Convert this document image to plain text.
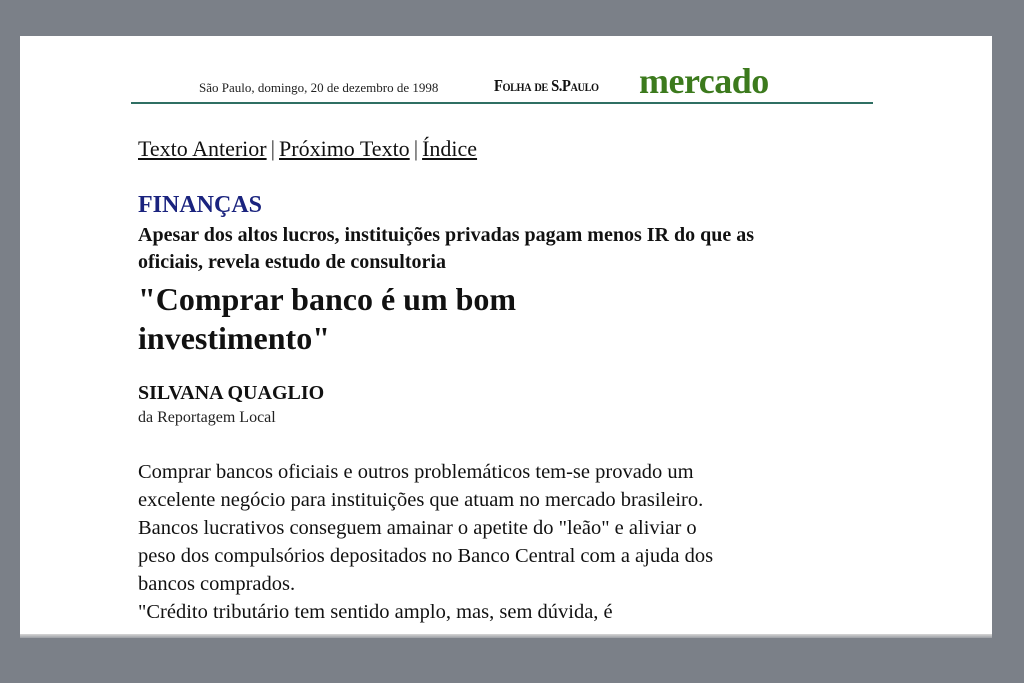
São Paulo, domingo, 20 de dezembro de 1998	Folha de S.Paulo mercado
Texto Anterior | Próximo Texto | Índice
FINANÇAS
Apesar dos altos lucros, instituições privadas pagam menos IR do que as oficiais, revela estudo de consultoria
"Comprar banco é um bom investimento"
SILVANA QUAGLIO
da Reportagem Local

Comprar bancos oficiais e outros problemáticos tem-se provado um excelente negócio para instituições que atuam no mercado brasileiro. Bancos lucrativos conseguem amainar o apetite do "leão" e aliviar o peso dos compulsórios depositados no Banco Central com a ajuda dos bancos comprados.

"Crédito tributário tem sentido amplo, mas, sem dúvida, é
